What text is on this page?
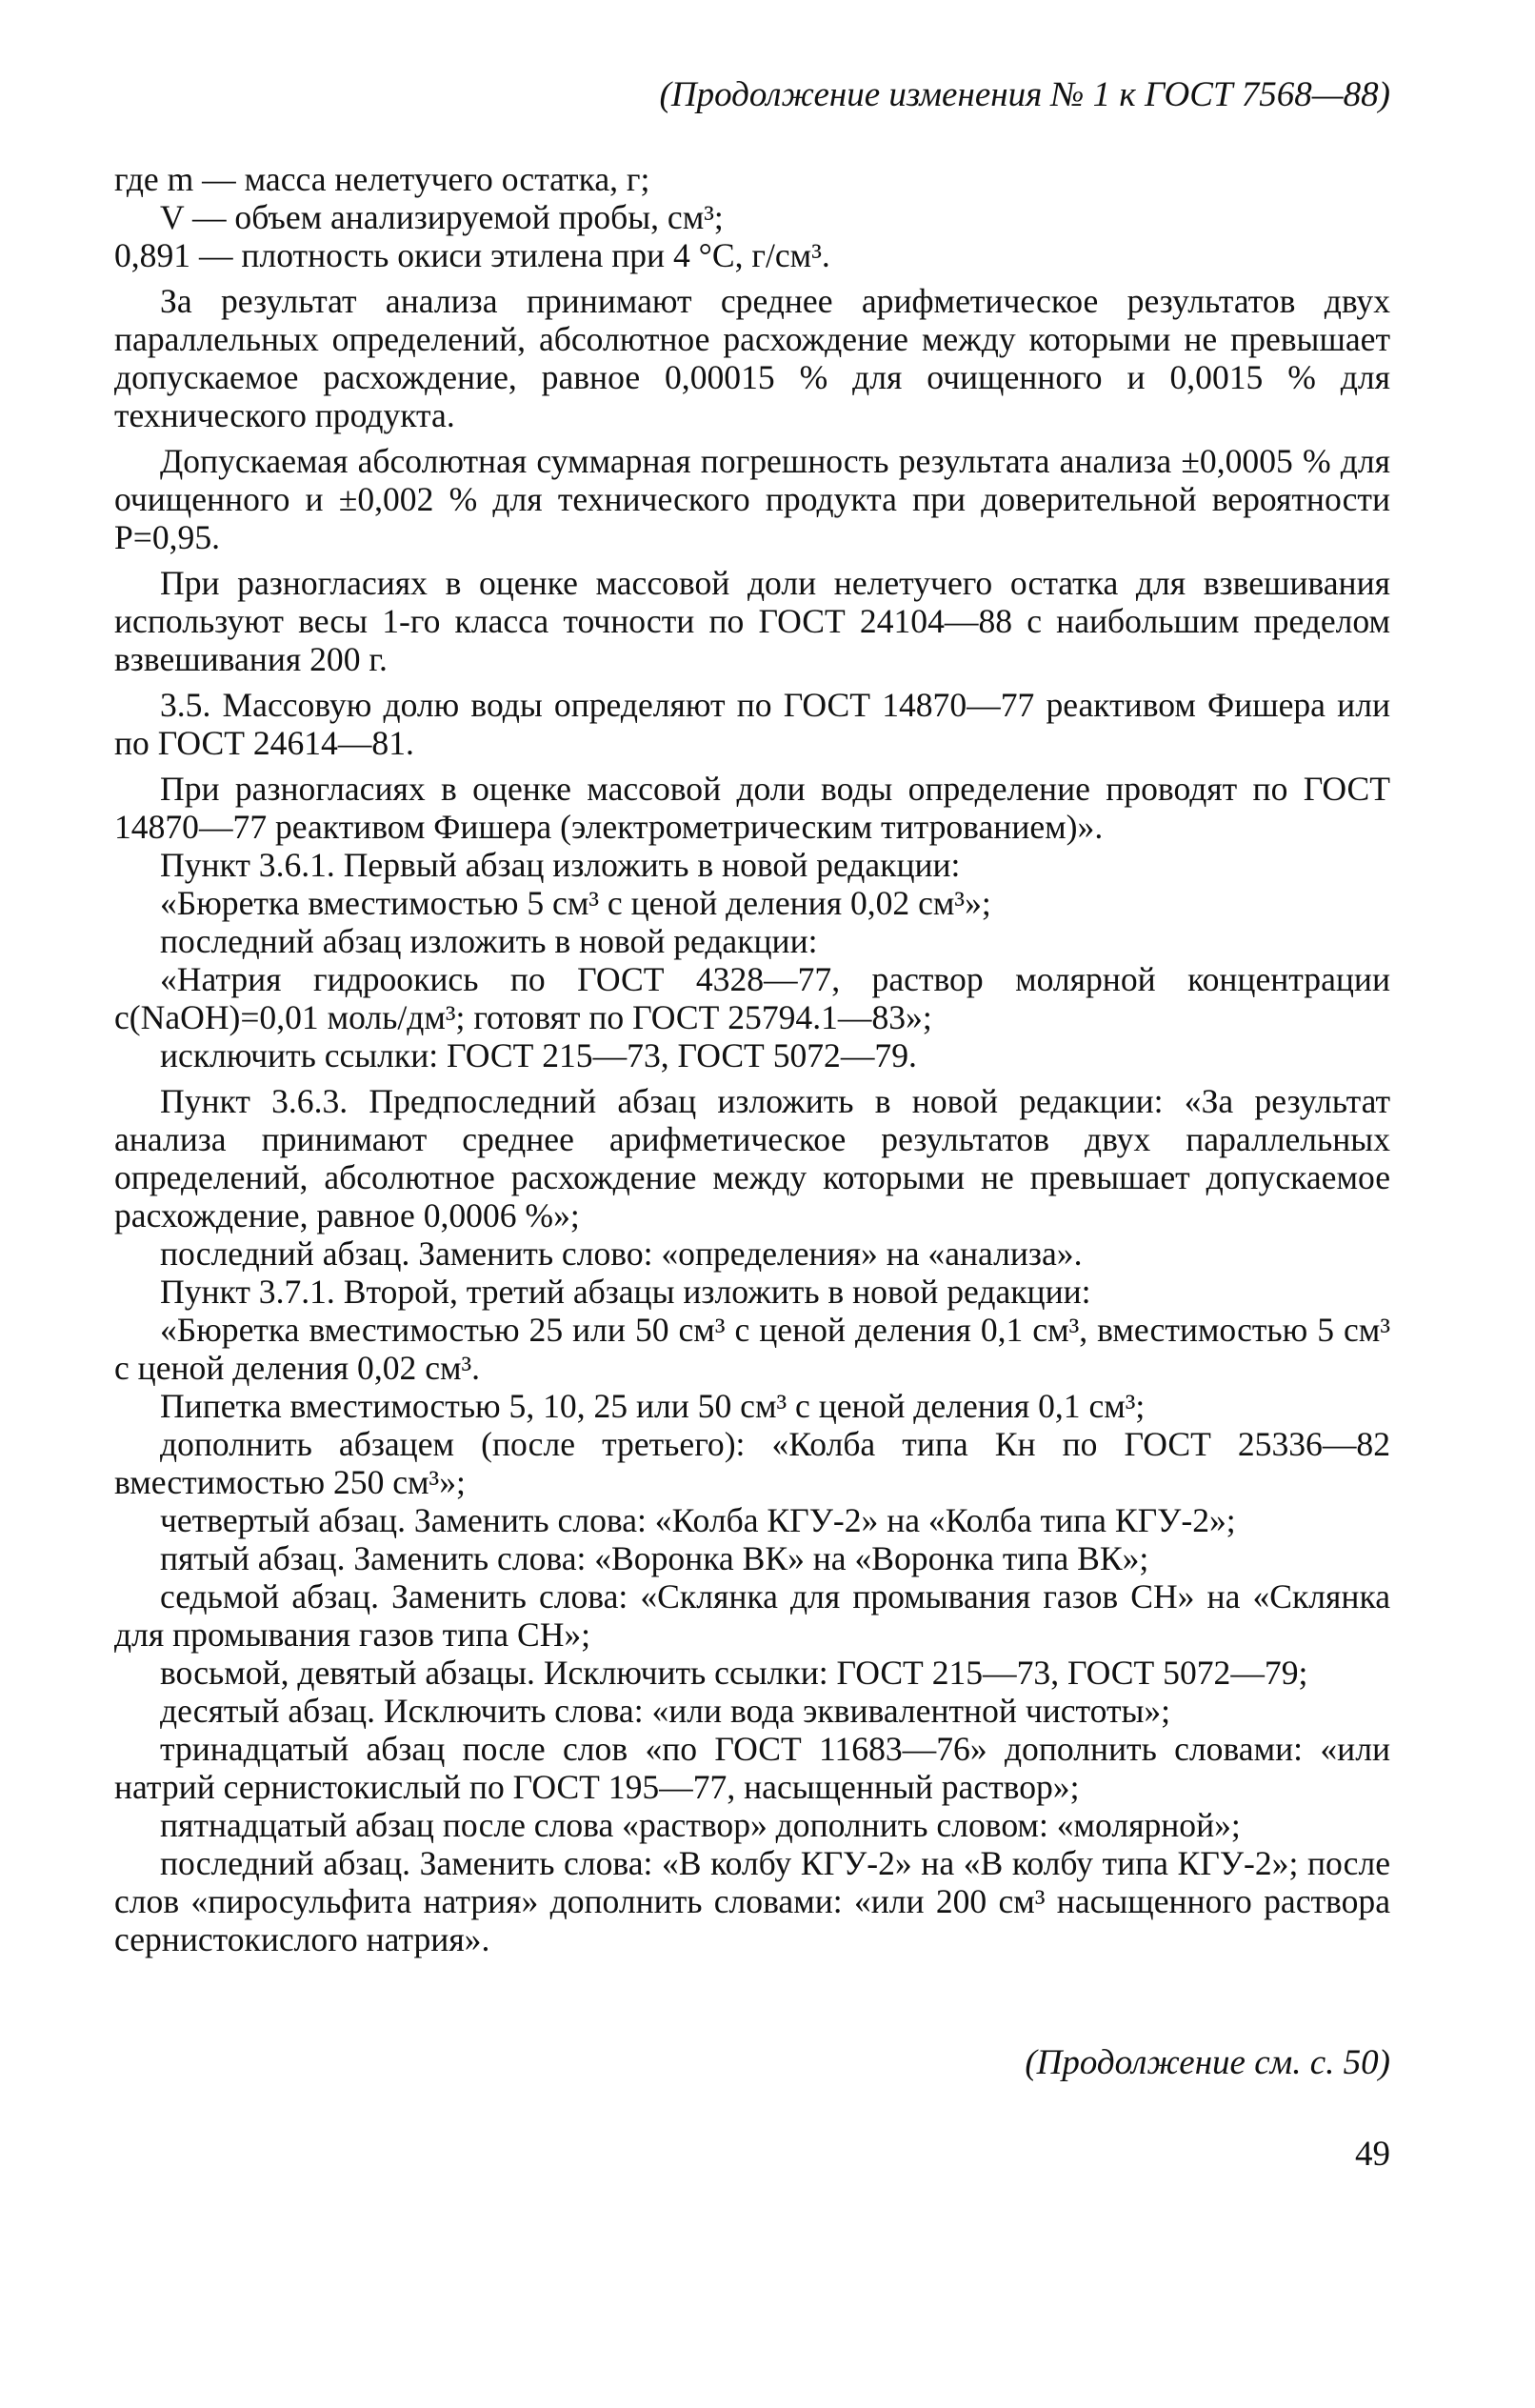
(Продолжение изменения № 1 к ГОСТ 7568—88)

где m — масса нелетучего остатка, г;

V — объем анализируемой пробы, см³;

0,891 — плотность окиси этилена при 4 °С, г/см³.

За результат анализа принимают среднее арифметическое результатов двух параллельных определений, абсолютное расхождение между которыми не превышает допускаемое расхождение, равное 0,00015 % для очищенного и 0,0015 % для технического продукта.

Допускаемая абсолютная суммарная погрешность результата анализа ±0,0005 % для очищенного и ±0,002 % для технического продукта при доверительной вероятности Р=0,95.

При разногласиях в оценке массовой доли нелетучего остатка для взвешивания используют весы 1-го класса точности по ГОСТ 24104—88 с наибольшим пределом взвешивания 200 г.

3.5. Массовую долю воды определяют по ГОСТ 14870—77 реактивом Фишера или по ГОСТ 24614—81.

При разногласиях в оценке массовой доли воды определение проводят по ГОСТ 14870—77 реактивом Фишера (электрометрическим титрованием)».

Пункт 3.6.1. Первый абзац изложить в новой редакции:

«Бюретка вместимостью 5 см³ с ценой деления 0,02 см³»;

последний абзац изложить в новой редакции:

«Натрия гидроокись по ГОСТ 4328—77, раствор молярной концентрации с(NaOH)=0,01 моль/дм³; готовят по ГОСТ 25794.1—83»;

исключить ссылки: ГОСТ 215—73, ГОСТ 5072—79.

Пункт 3.6.3. Предпоследний абзац изложить в новой редакции: «За результат анализа принимают среднее арифметическое результатов двух параллельных определений, абсолютное расхождение между которыми не превышает допускаемое расхождение, равное 0,0006 %»;

последний абзац. Заменить слово: «определения» на «анализа».

Пункт 3.7.1. Второй, третий абзацы изложить в новой редакции:

«Бюретка вместимостью 25 или 50 см³ с ценой деления 0,1 см³, вместимостью 5 см³ с ценой деления 0,02 см³.

Пипетка вместимостью 5, 10, 25 или 50 см³ с ценой деления 0,1 см³;

дополнить абзацем (после третьего): «Колба типа Кн по ГОСТ 25336—82 вместимостью 250 см³»;

четвертый абзац. Заменить слова: «Колба КГУ-2» на «Колба типа КГУ-2»;

пятый абзац. Заменить слова: «Воронка ВК» на «Воронка типа ВК»;

седьмой абзац. Заменить слова: «Склянка для промывания газов СН» на «Склянка для промывания газов типа СН»;

восьмой, девятый абзацы. Исключить ссылки: ГОСТ 215—73, ГОСТ 5072—79;

десятый абзац. Исключить слова: «или вода эквивалентной чистоты»;

тринадцатый абзац после слов «по ГОСТ 11683—76» дополнить словами: «или натрий сернистокислый по ГОСТ 195—77, насыщенный раствор»;

пятнадцатый абзац после слова «раствор» дополнить словом: «молярной»;

последний абзац. Заменить слова: «В колбу КГУ-2» на «В колбу типа КГУ-2»; после слов «пиросульфита натрия» дополнить словами: «или 200 см³ насыщенного раствора сернистокислого натрия».

(Продолжение см. с. 50)
49
